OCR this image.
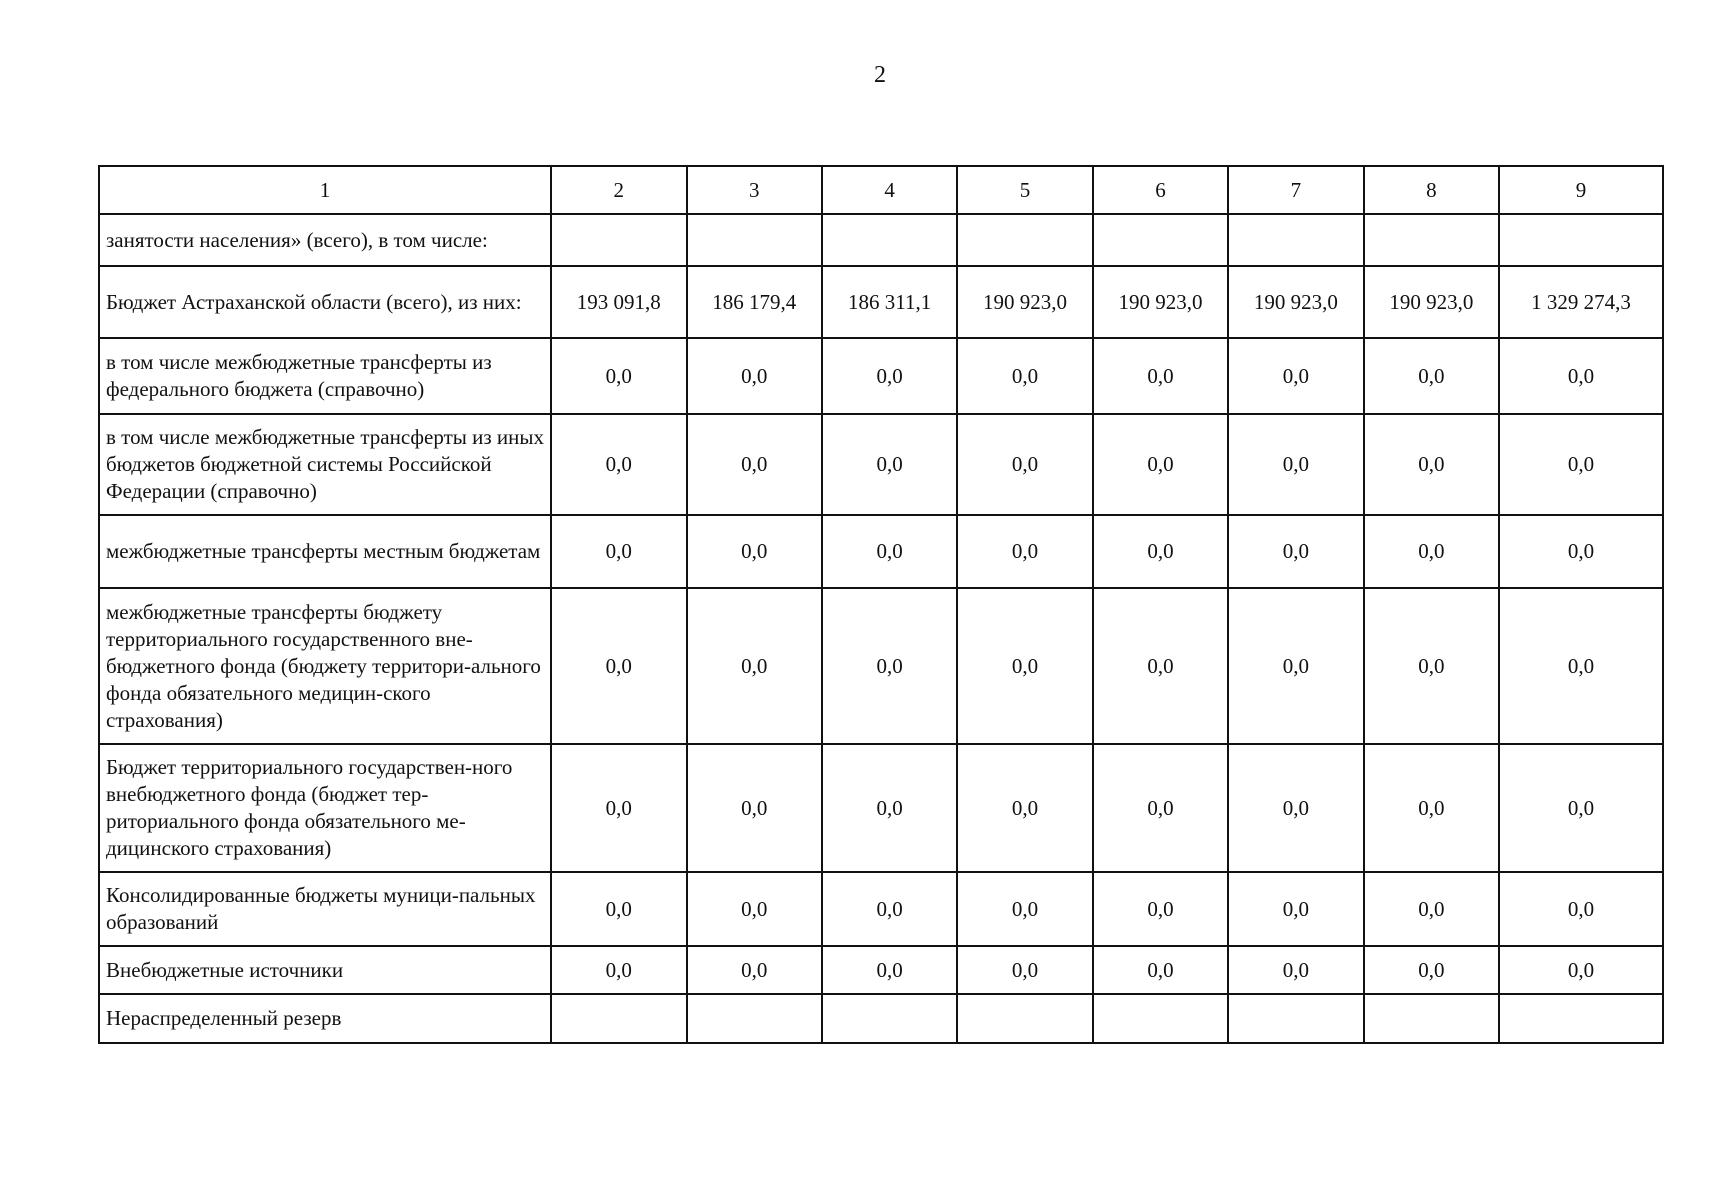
2
1	2	3	4	5	6	7	8	9
занятости населения» (всего), в том числе:								
Бюджет Астраханской области (всего), из них:	193 091,8	186 179,4	186 311,1	190 923,0	190 923,0	190 923,0	190 923,0	1 329 274,3
в том числе межбюджетные трансферты из федерального бюджета (справочно)	0,0	0,0	0,0	0,0	0,0	0,0	0,0	0,0
в том числе межбюджетные трансферты из иных бюджетов бюджетной системы Российской Федерации (справочно)	0,0	0,0	0,0	0,0	0,0	0,0	0,0	0,0
межбюджетные трансферты местным бюджетам	0,0	0,0	0,0	0,0	0,0	0,0	0,0	0,0
межбюджетные трансферты бюджету территориального государственного вне-бюджетного фонда (бюджету территори-ального фонда обязательного медицин-ского страхования)	0,0	0,0	0,0	0,0	0,0	0,0	0,0	0,0
Бюджет территориального государствен-ного внебюджетного фонда (бюджет тер-риториального фонда обязательного ме-дицинского страхования)	0,0	0,0	0,0	0,0	0,0	0,0	0,0	0,0
Консолидированные бюджеты муници-пальных образований	0,0	0,0	0,0	0,0	0,0	0,0	0,0	0,0
Внебюджетные источники	0,0	0,0	0,0	0,0	0,0	0,0	0,0	0,0
Нераспределенный резерв								
